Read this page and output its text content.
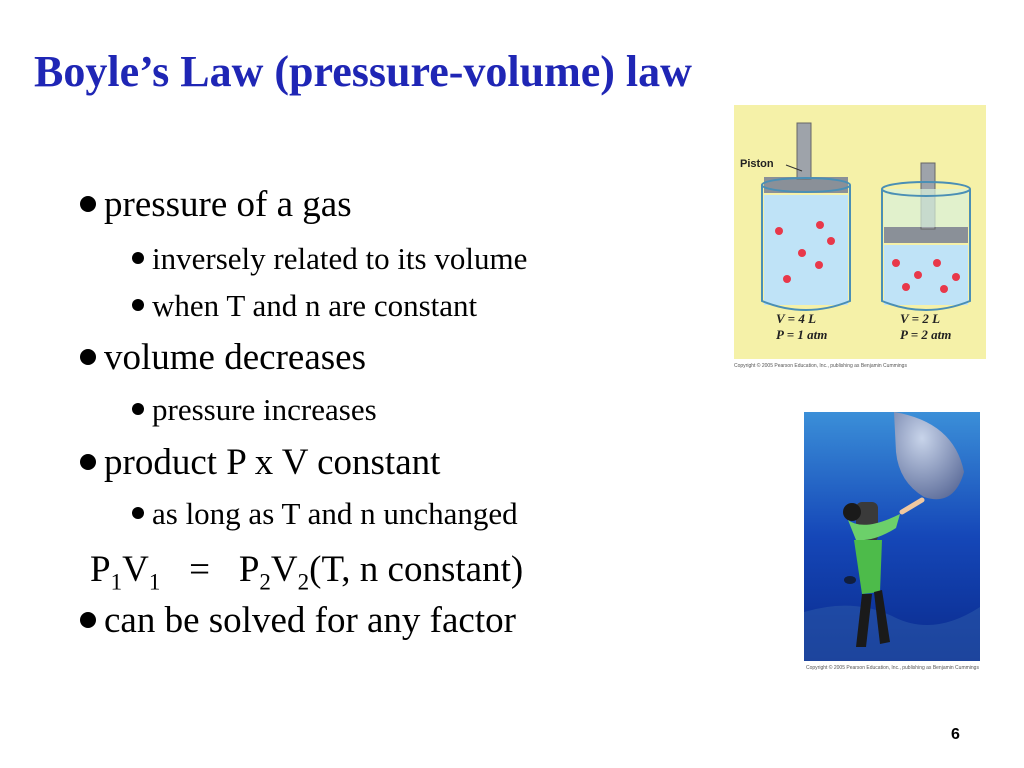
Boyle’s Law (pressure-volume) law
pressure of a gas
inversely related to its volume
when T and n are constant
volume decreases
pressure increases
product P x V constant
as long as T and n unchanged
can be solved for any factor
$P_1V_1 = P_2V_2(T$, n constant)
Piston
V = 4 L
P = 1 atm
V = 2 L
P = 2 atm
Copyright © 2005 Pearson Education, Inc., publishing as Benjamin Cummings
Copyright © 2005 Pearson Education, Inc., publishing as Benjamin Cummings
6
